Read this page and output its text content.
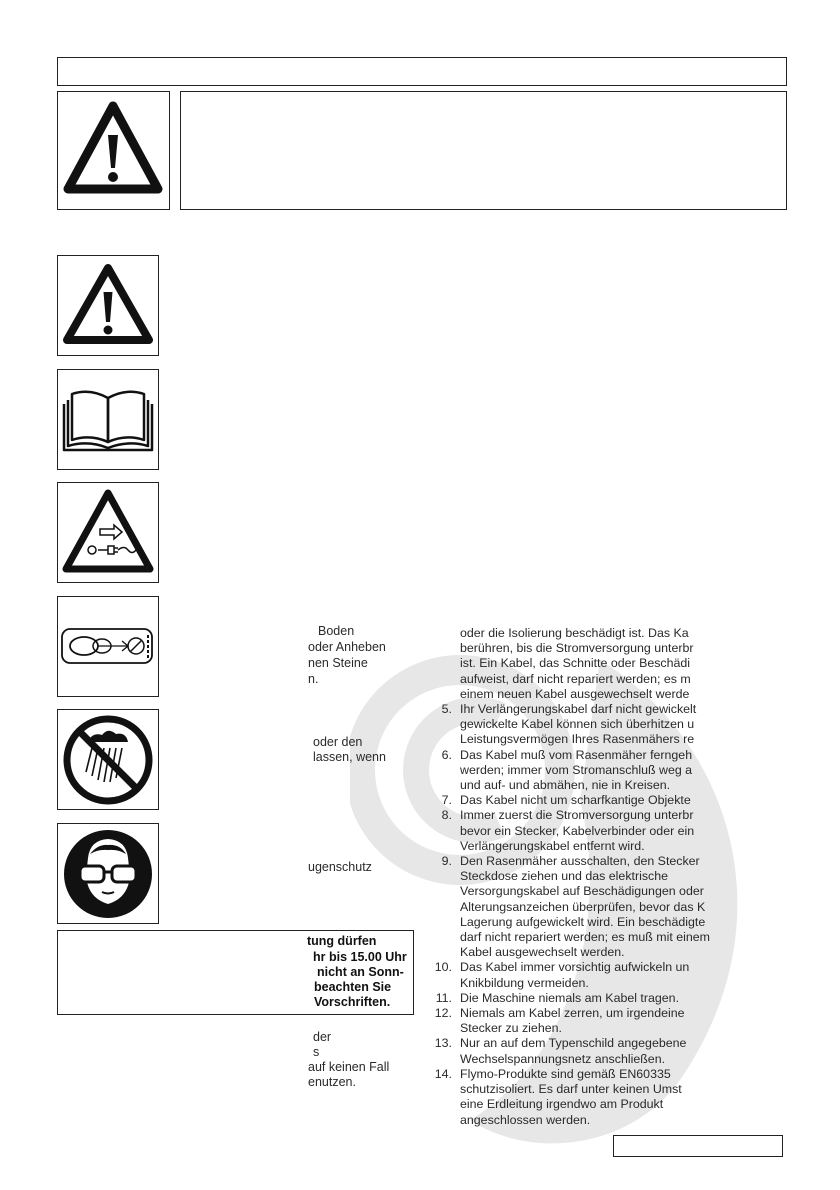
Boden
oder Anheben
nen Steine
n.
oder den
lassen, wenn
ugenschutz
tung dürfen
hr bis 15.00 Uhr
nicht an Sonn-
beachten Sie
Vorschriften.
der
s
auf keinen Fall
enutzen.
oder die Isolierung beschädigt ist. Das Ka
berühren, bis die Stromversorgung unterbr
ist. Ein Kabel, das Schnitte oder Beschädi
aufweist, darf nicht repariert werden; es m
einem neuen Kabel ausgewechselt werde
5. Ihr Verlängerungskabel darf nicht gewickelt
gewickelte Kabel können sich überhitzen u
Leistungsvermögen Ihres Rasenmähers re
6. Das Kabel muß vom Rasenmäher ferngeh
werden; immer vom Stromanschluß weg a
und auf- und abmähen, nie in Kreisen.
7. Das Kabel nicht um scharfkantige Objekte
8. Immer zuerst die Stromversorgung unterbr
bevor ein Stecker, Kabelverbinder oder ein
Verlängerungskabel entfernt wird.
9. Den Rasenmäher ausschalten, den Stecker
Steckdose ziehen und das elektrische
Versorgungskabel auf Beschädigungen oder
Alterungsanzeichen überprüfen, bevor das K
Lagerung aufgewickelt wird. Ein beschädigte
darf nicht repariert werden; es muß mit einem
Kabel ausgewechselt werden.
10. Das Kabel immer vorsichtig aufwickeln un
Knikbildung vermeiden.
11. Die Maschine niemals am Kabel tragen.
12. Niemals am Kabel zerren, um irgendeine
Stecker zu ziehen.
13. Nur an auf dem Typenschild angegebene
Wechselspannungsnetz anschließen.
14. Flymo-Produkte sind gemäß EN60335
schutzisoliert. Es darf unter keinen Umst
eine Erdleitung irgendwo am Produkt
angeschlossen werden.
